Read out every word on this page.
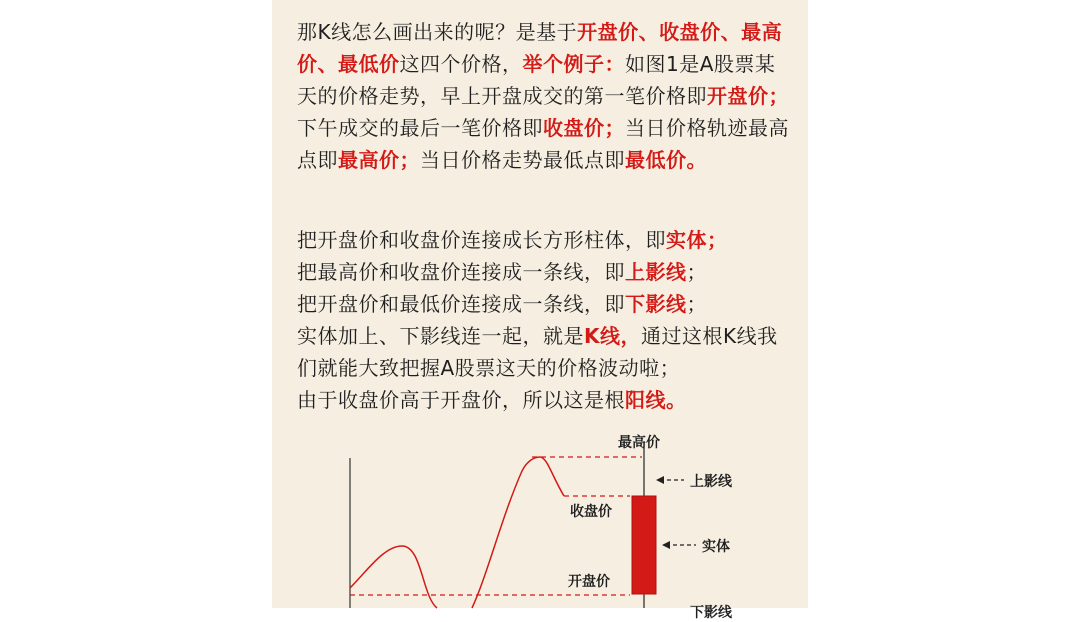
那K线怎么画出来的呢？是基于开盘价、收盘价、最高价、最低价这四个价格，举个例子：如图1是A股票某天的价格走势，早上开盘成交的第一笔价格即开盘价；下午成交的最后一笔价格即收盘价；当日价格轨迹最高点即最高价；当日价格走势最低点即最低价。
把开盘价和收盘价连接成长方形柱体，即实体；
把最高价和收盘价连接成一条线，即上影线；
把开盘价和最低价连接成一条线，即下影线；
实体加上、下影线连一起，就是K线，通过这根K线我们就能大致把握A股票这天的价格波动啦；
由于收盘价高于开盘价，所以这是根阳线。
最高价
上影线
收盘价
实体
开盘价
下影线
